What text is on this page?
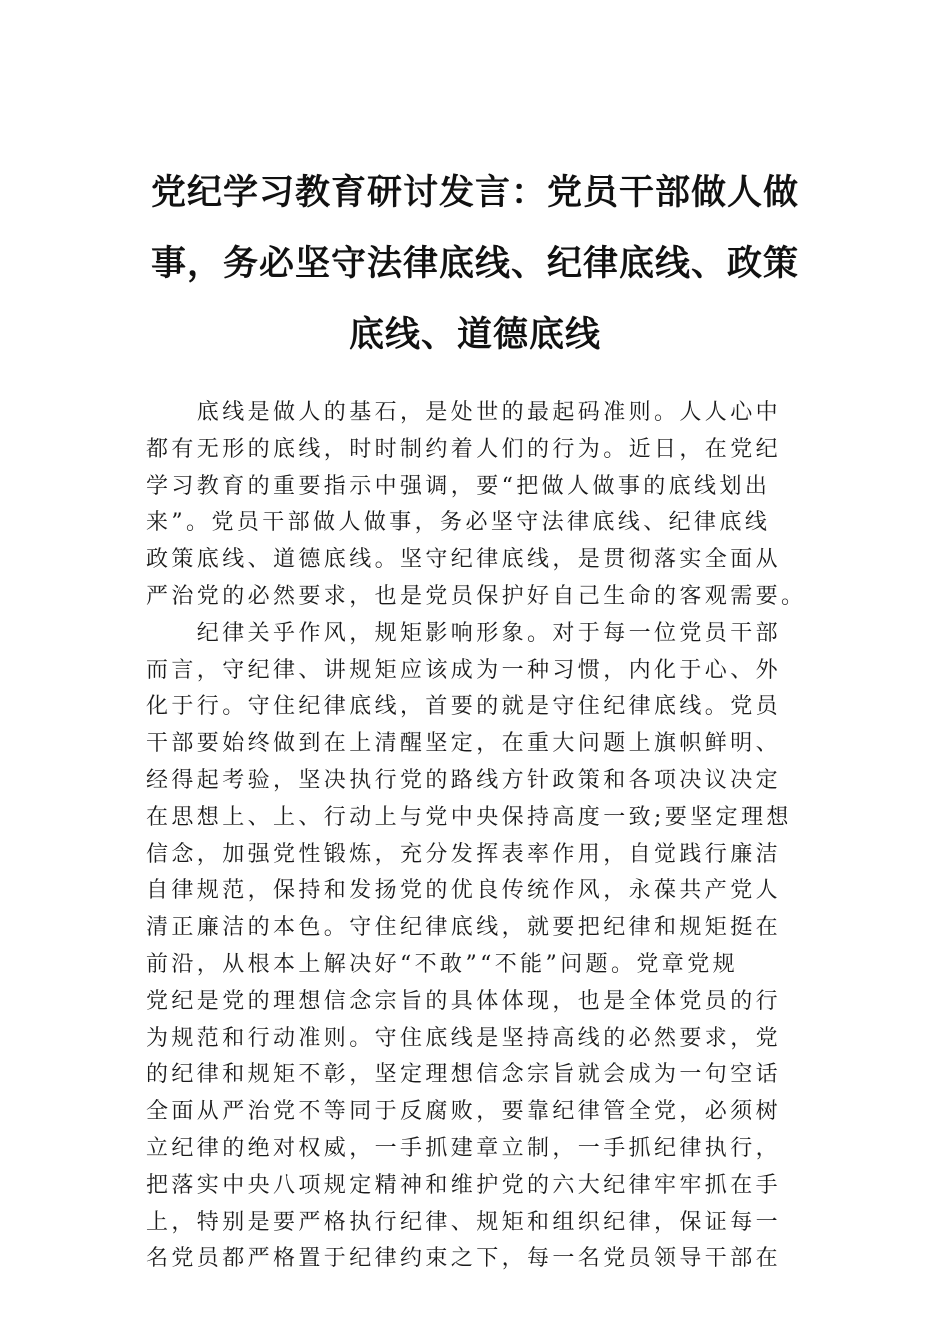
党纪学习教育研讨发言：党员干部做人做
事，务必坚守法律底线、纪律底线、政策
底线、道德底线
　　底线是做人的基石，是处世的最起码准则。人人心中
都有无形的底线，时时制约着人们的行为。近日，在党纪
学习教育的重要指示中强调，要“把做人做事的底线划出
来”。党员干部做人做事，务必坚守法律底线、纪律底线
政策底线、道德底线。坚守纪律底线，是贯彻落实全面从
严治党的必然要求，也是党员保护好自己生命的客观需要。
　　纪律关乎作风，规矩影响形象。对于每一位党员干部
而言，守纪律、讲规矩应该成为一种习惯，内化于心、外
化于行。守住纪律底线，首要的就是守住纪律底线。党员
干部要始终做到在上清醒坚定，在重大问题上旗帜鲜明、
经得起考验，坚决执行党的路线方针政策和各项决议决定
在思想上、上、行动上与党中央保持高度一致;要坚定理想
信念，加强党性锻炼，充分发挥表率作用，自觉践行廉洁
自律规范，保持和发扬党的优良传统作风，永葆共产党人
清正廉洁的本色。守住纪律底线，就要把纪律和规矩挺在
前沿，从根本上解决好“不敢”“不能”问题。党章党规
党纪是党的理想信念宗旨的具体体现，也是全体党员的行
为规范和行动准则。守住底线是坚持高线的必然要求，党
的纪律和规矩不彰，坚定理想信念宗旨就会成为一句空话
全面从严治党不等同于反腐败，要靠纪律管全党，必须树
立纪律的绝对权威，一手抓建章立制，一手抓纪律执行，
把落实中央八项规定精神和维护党的六大纪律牢牢抓在手
上，特别是要严格执行纪律、规矩和组织纪律，保证每一
名党员都严格置于纪律约束之下，每一名党员领导干部在
